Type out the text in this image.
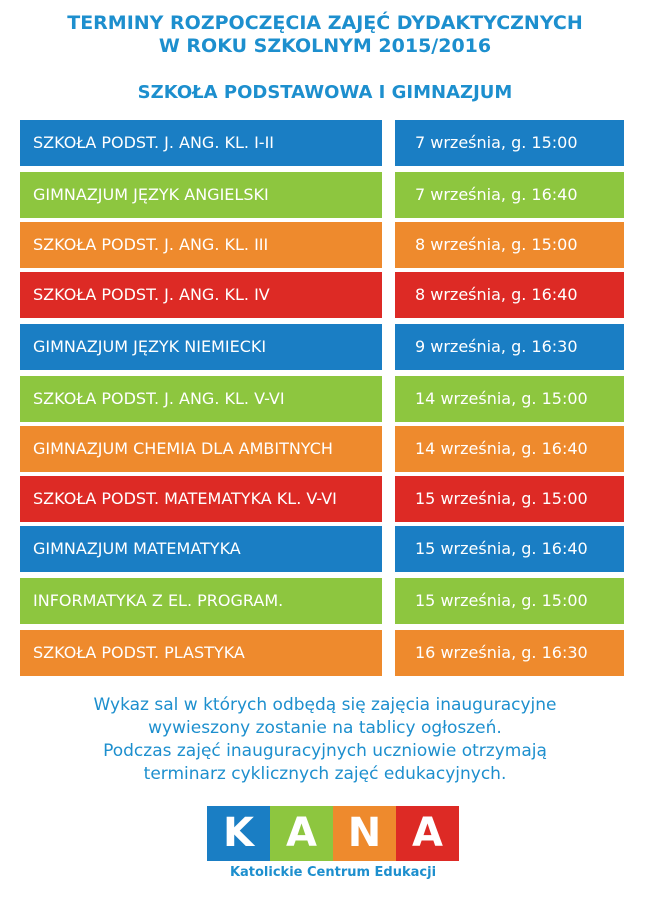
TERMINY ROZPOCZĘCIA ZAJĘĆ DYDAKTYCZNYCH
W ROKU SZKOLNYM 2015/2016
SZKOŁA PODSTAWOWA I GIMNAZJUM
SZKOŁA PODST. J. ANG. KL. I-II	7 września, g. 15:00
GIMNAZJUM JĘZYK ANGIELSKI	7 września, g. 16:40
SZKOŁA PODST. J. ANG. KL. III	8 września, g. 15:00
SZKOŁA PODST. J. ANG. KL. IV	8 września, g. 16:40
GIMNAZJUM JĘZYK NIEMIECKI	9 września, g. 16:30
SZKOŁA PODST. J. ANG. KL. V-VI	14 września, g. 15:00
GIMNAZJUM CHEMIA DLA AMBITNYCH	14 września, g. 16:40
SZKOŁA PODST. MATEMATYKA KL. V-VI	15 września, g. 15:00
GIMNAZJUM MATEMATYKA	15 września, g. 16:40
INFORMATYKA Z EL. PROGRAM.	15 września, g. 15:00
SZKOŁA PODST. PLASTYKA	16 września, g. 16:30
Wykaz sal w których odbędą się zajęcia inauguracyjne
wywieszony zostanie na tablicy ogłoszeń.
Podczas zajęć inauguracyjnych uczniowie otrzymają
terminarz cyklicznych zajęć edukacyjnych.
K A N A
Katolickie Centrum Edukacji
